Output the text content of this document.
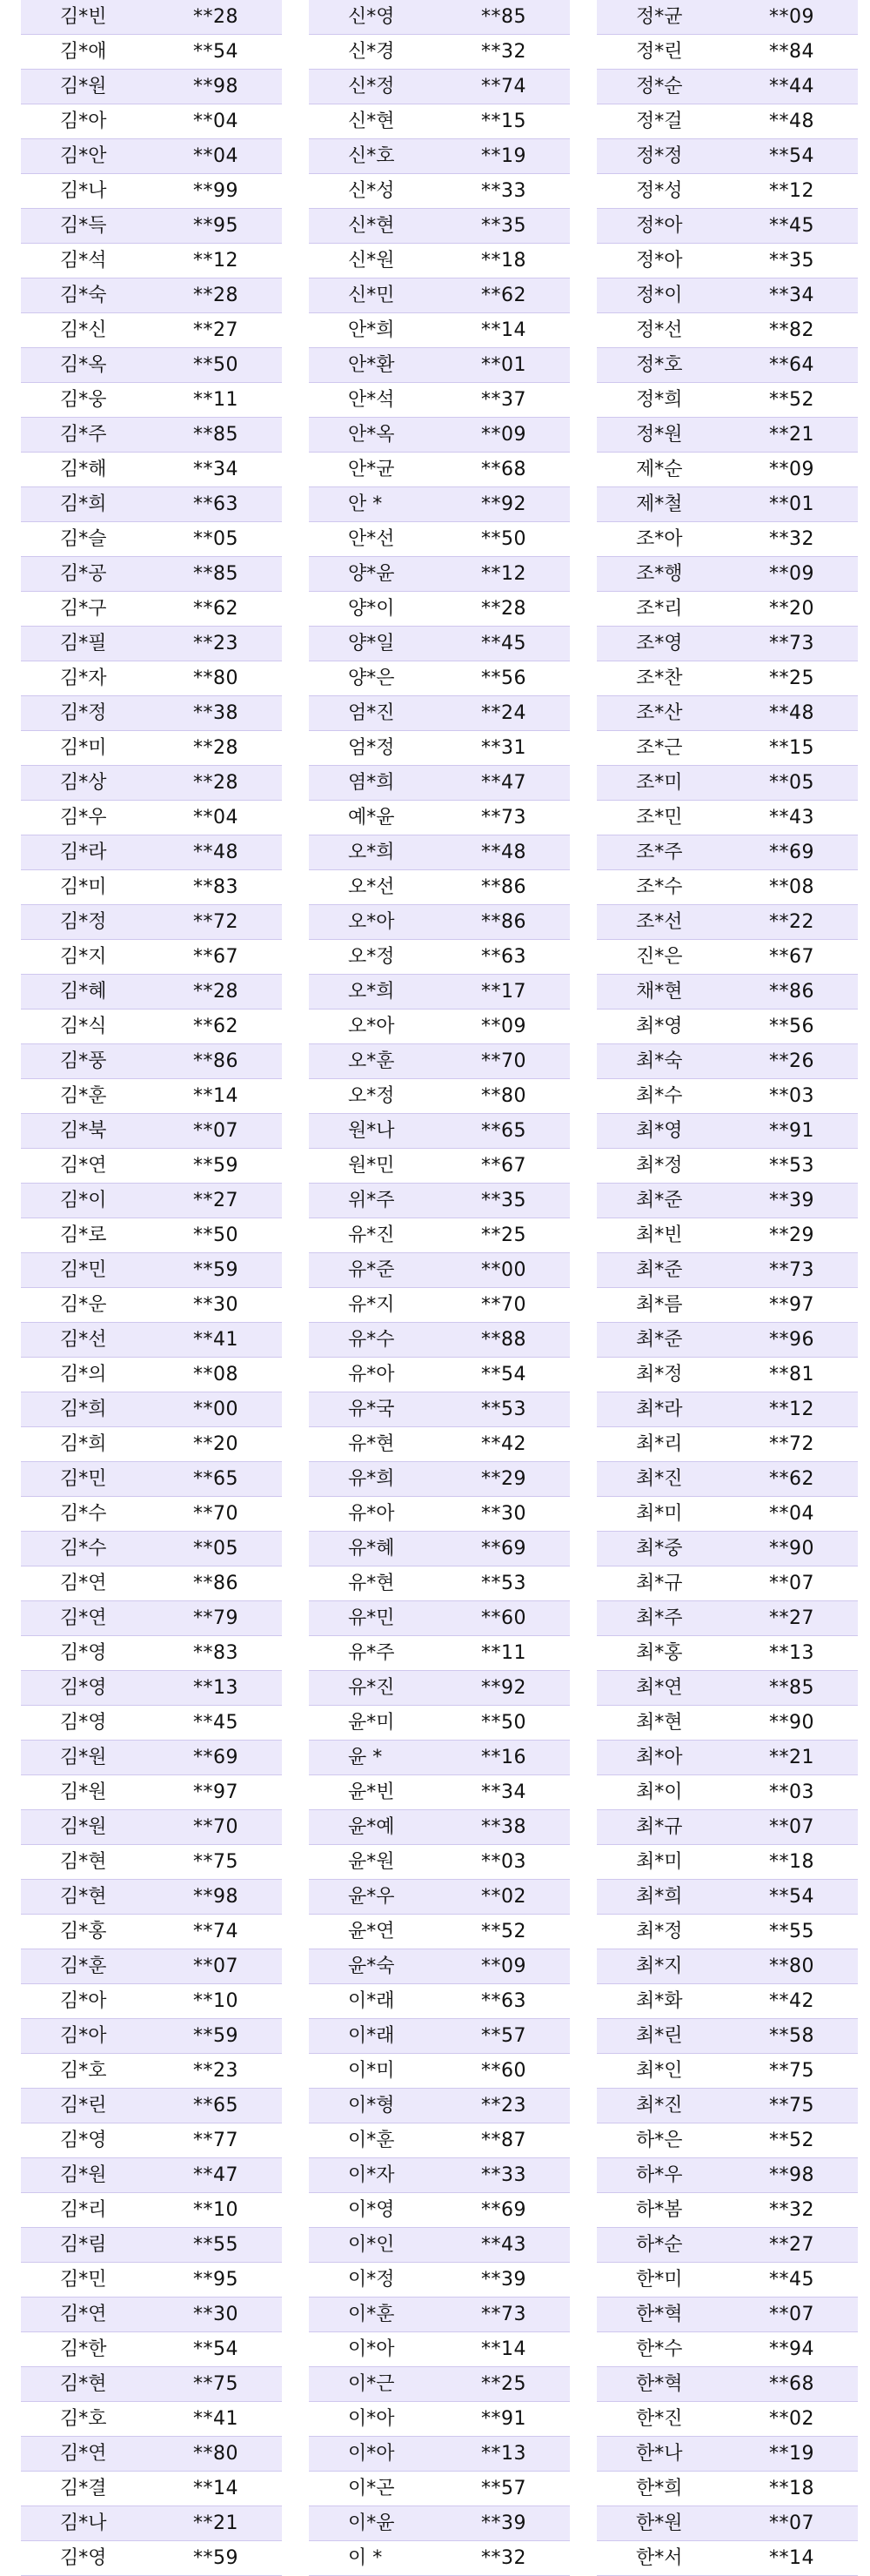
김*빈	**28
김*애	**54
김*원	**98
김*아	**04
김*안	**04
김*나	**99
김*득	**95
김*석	**12
김*숙	**28
김*신	**27
김*옥	**50
김*웅	**11
김*주	**85
김*해	**34
김*희	**63
김*슬	**05
김*공	**85
김*구	**62
김*필	**23
김*자	**80
김*정	**38
김*미	**28
김*상	**28
김*우	**04
김*라	**48
김*미	**83
김*정	**72
김*지	**67
김*혜	**28
김*식	**62
김*풍	**86
김*훈	**14
김*북	**07
김*연	**59
김*이	**27
김*로	**50
김*민	**59
김*운	**30
김*선	**41
김*의	**08
김*희	**00
김*희	**20
김*민	**65
김*수	**70
김*수	**05
김*연	**86
김*연	**79
김*영	**83
김*영	**13
김*영	**45
김*원	**69
김*원	**97
김*원	**70
김*현	**75
김*현	**98
김*홍	**74
김*훈	**07
김*아	**10
김*아	**59
김*호	**23
김*린	**65
김*영	**77
김*원	**47
김*리	**10
김*림	**55
김*민	**95
김*연	**30
김*한	**54
김*현	**75
김*호	**41
김*연	**80
김*결	**14
김*나	**21
김*영	**59
신*영	**85
신*경	**32
신*정	**74
신*현	**15
신*호	**19
신*성	**33
신*현	**35
신*원	**18
신*민	**62
안*희	**14
안*환	**01
안*석	**37
안*옥	**09
안*균	**68
안 *	**92
안*선	**50
양*윤	**12
양*이	**28
양*일	**45
양*은	**56
엄*진	**24
엄*정	**31
염*희	**47
예*윤	**73
오*희	**48
오*선	**86
오*아	**86
오*정	**63
오*희	**17
오*아	**09
오*훈	**70
오*정	**80
원*나	**65
원*민	**67
위*주	**35
유*진	**25
유*준	**00
유*지	**70
유*수	**88
유*아	**54
유*국	**53
유*현	**42
유*희	**29
유*아	**30
유*혜	**69
유*현	**53
유*민	**60
유*주	**11
유*진	**92
윤*미	**50
윤 *	**16
윤*빈	**34
윤*예	**38
윤*원	**03
윤*우	**02
윤*연	**52
윤*숙	**09
이*래	**63
이*래	**57
이*미	**60
이*형	**23
이*훈	**87
이*자	**33
이*영	**69
이*인	**43
이*정	**39
이*훈	**73
이*아	**14
이*근	**25
이*아	**91
이*아	**13
이*곤	**57
이*윤	**39
이 *	**32
정*균	**09
정*린	**84
정*순	**44
정*걸	**48
정*정	**54
정*성	**12
정*아	**45
정*아	**35
정*이	**34
정*선	**82
정*호	**64
정*희	**52
정*원	**21
제*순	**09
제*철	**01
조*아	**32
조*행	**09
조*리	**20
조*영	**73
조*찬	**25
조*산	**48
조*근	**15
조*미	**05
조*민	**43
조*주	**69
조*수	**08
조*선	**22
진*은	**67
채*현	**86
최*영	**56
최*숙	**26
최*수	**03
최*영	**91
최*정	**53
최*준	**39
최*빈	**29
최*준	**73
최*름	**97
최*준	**96
최*정	**81
최*라	**12
최*리	**72
최*진	**62
최*미	**04
최*중	**90
최*규	**07
최*주	**27
최*홍	**13
최*연	**85
최*현	**90
최*아	**21
최*이	**03
최*규	**07
최*미	**18
최*희	**54
최*정	**55
최*지	**80
최*화	**42
최*린	**58
최*인	**75
최*진	**75
하*은	**52
하*우	**98
하*봄	**32
하*순	**27
한*미	**45
한*혁	**07
한*수	**94
한*혁	**68
한*진	**02
한*나	**19
한*희	**18
한*원	**07
한*서	**14
